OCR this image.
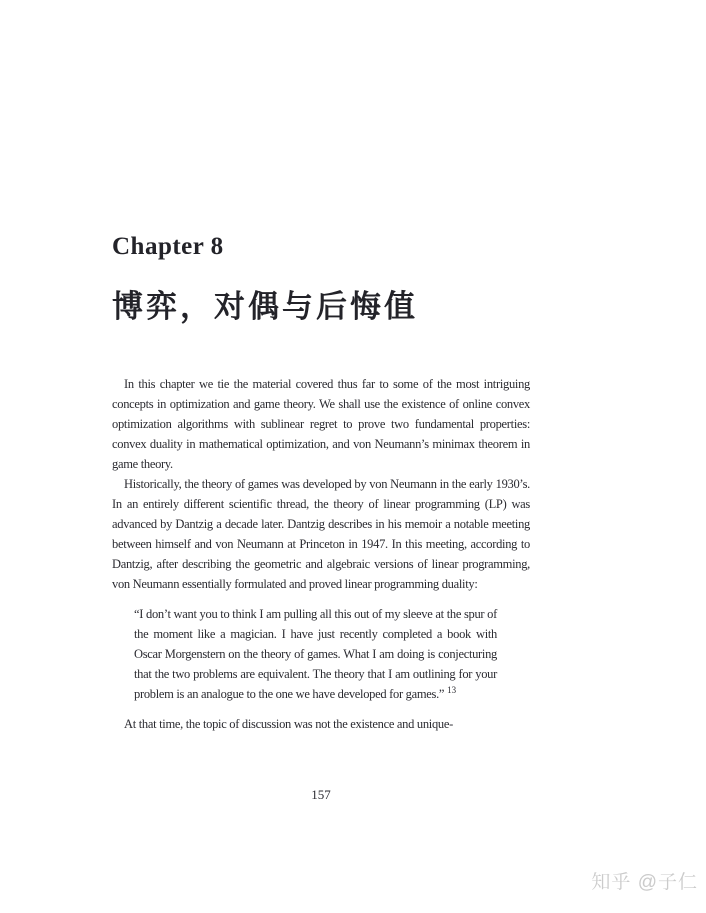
Chapter 8
博弈，对偶与后悔值

In this chapter we tie the material covered thus far to some of the most intriguing concepts in optimization and game theory. We shall use the existence of online convex optimization algorithms with sublinear regret to prove two fundamental properties: convex duality in mathematical optimization, and von Neumann’s minimax theorem in game theory.

Historically, the theory of games was developed by von Neumann in the early 1930’s. In an entirely different scientific thread, the theory of linear programming (LP) was advanced by Dantzig a decade later. Dantzig describes in his memoir a notable meeting between himself and von Neumann at Princeton in 1947. In this meeting, according to Dantzig, after describing the geometric and algebraic versions of linear programming, von Neumann essentially formulated and proved linear programming duality:

“I don’t want you to think I am pulling all this out of my sleeve at the spur of the moment like a magician. I have just recently completed a book with Oscar Morgenstern on the theory of games. What I am doing is conjecturing that the two problems are equivalent. The theory that I am outlining for your problem is an analogue to the one we have developed for games.” $^{13}$

At that time, the topic of discussion was not the existence and unique-

157
知乎 @子仁
